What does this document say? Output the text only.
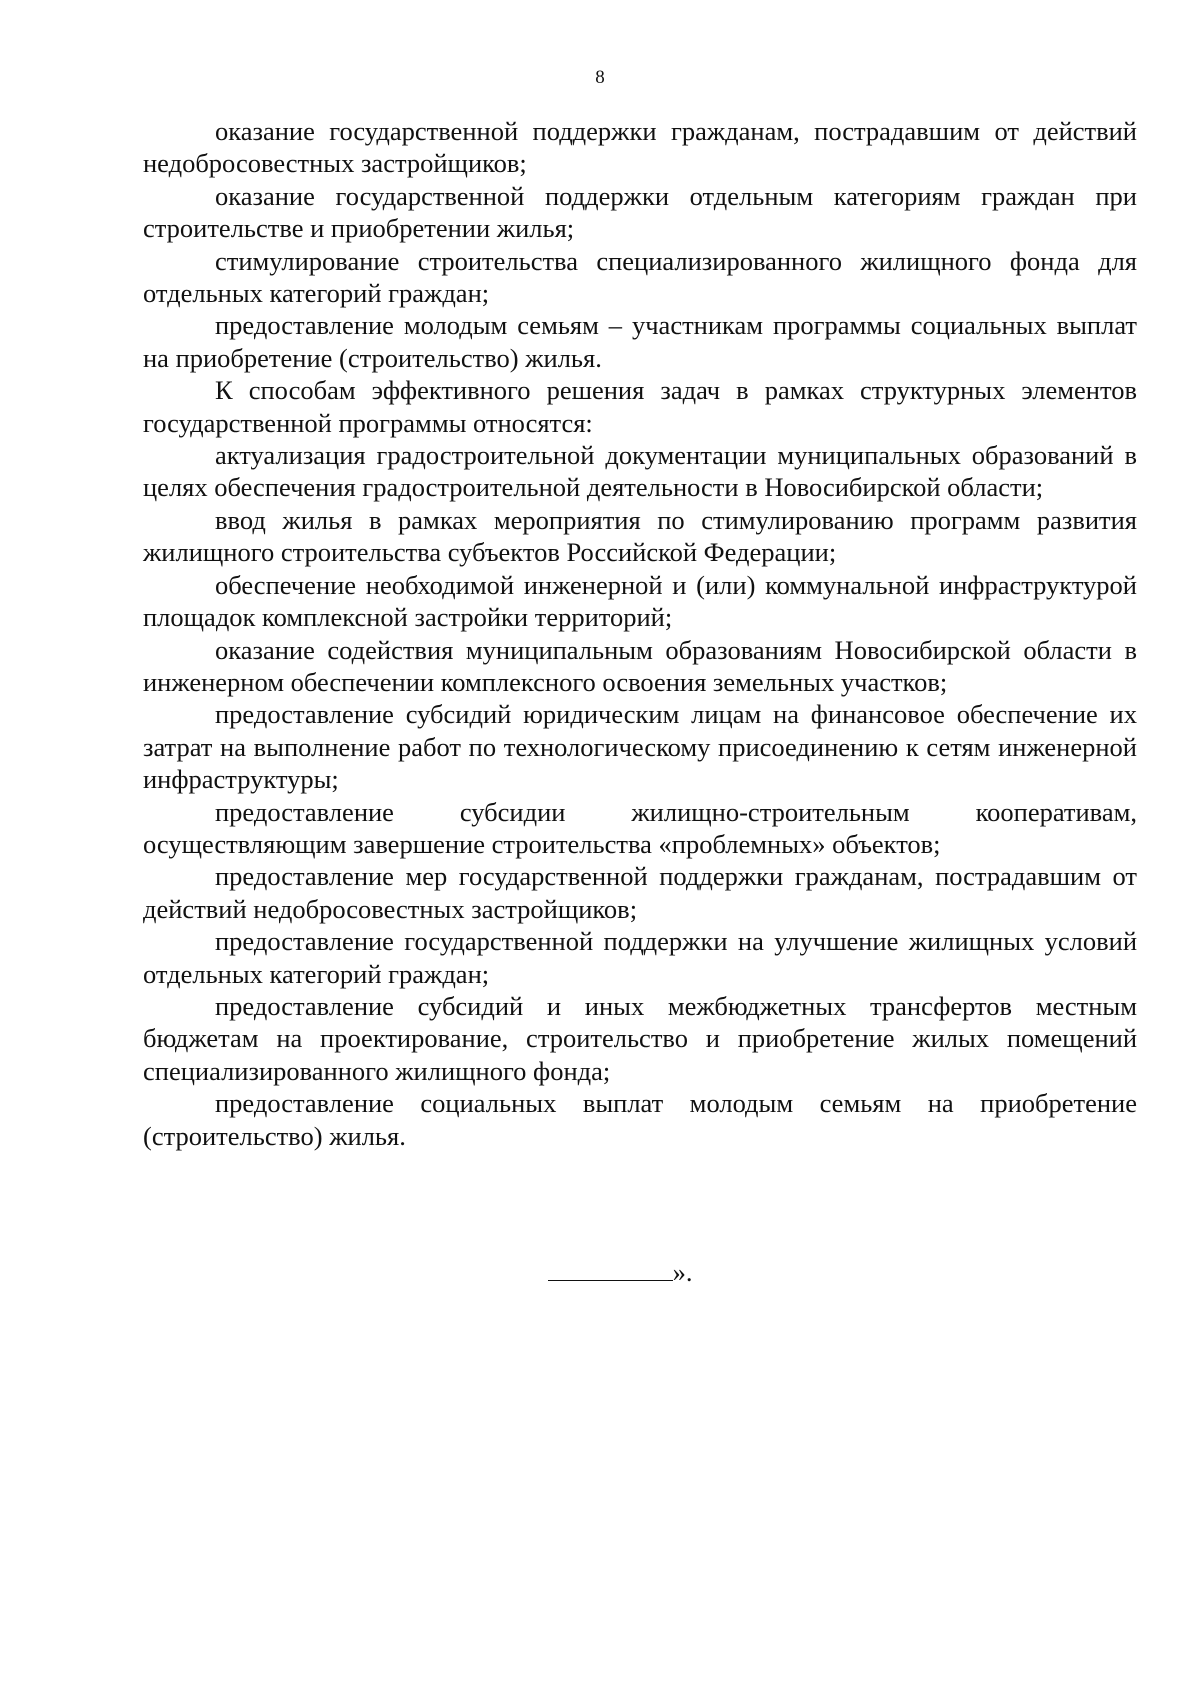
8

оказание государственной поддержки гражданам, пострадавшим от действий недобросовестных застройщиков;

оказание государственной поддержки отдельным категориям граждан при строительстве и приобретении жилья;

стимулирование строительства специализированного жилищного фонда для отдельных категорий граждан;

предоставление молодым семьям – участникам программы социальных выплат на приобретение (строительство) жилья.

К способам эффективного решения задач в рамках структурных элементов государственной программы относятся:

актуализация градостроительной документации муниципальных образований в целях обеспечения градостроительной деятельности в Новосибирской области;

ввод жилья в рамках мероприятия по стимулированию программ развития жилищного строительства субъектов Российской Федерации;

обеспечение необходимой инженерной и (или) коммунальной инфраструктурой площадок комплексной застройки территорий;

оказание содействия муниципальным образованиям Новосибирской области в инженерном обеспечении комплексного освоения земельных участков;

предоставление субсидий юридическим лицам на финансовое обеспечение их затрат на выполнение работ по технологическому присоединению к сетям инженерной инфраструктуры;

предоставление субсидии жилищно-строительным кооперативам, осуществляющим завершение строительства «проблемных» объектов;

предоставление мер государственной поддержки гражданам, пострадавшим от действий недобросовестных застройщиков;

предоставление государственной поддержки на улучшение жилищных условий отдельных категорий граждан;

предоставление субсидий и иных межбюджетных трансфертов местным бюджетам на проектирование, строительство и приобретение жилых помещений специализированного жилищного фонда;

предоставление социальных выплат молодым семьям на приобретение (строительство) жилья.

».
